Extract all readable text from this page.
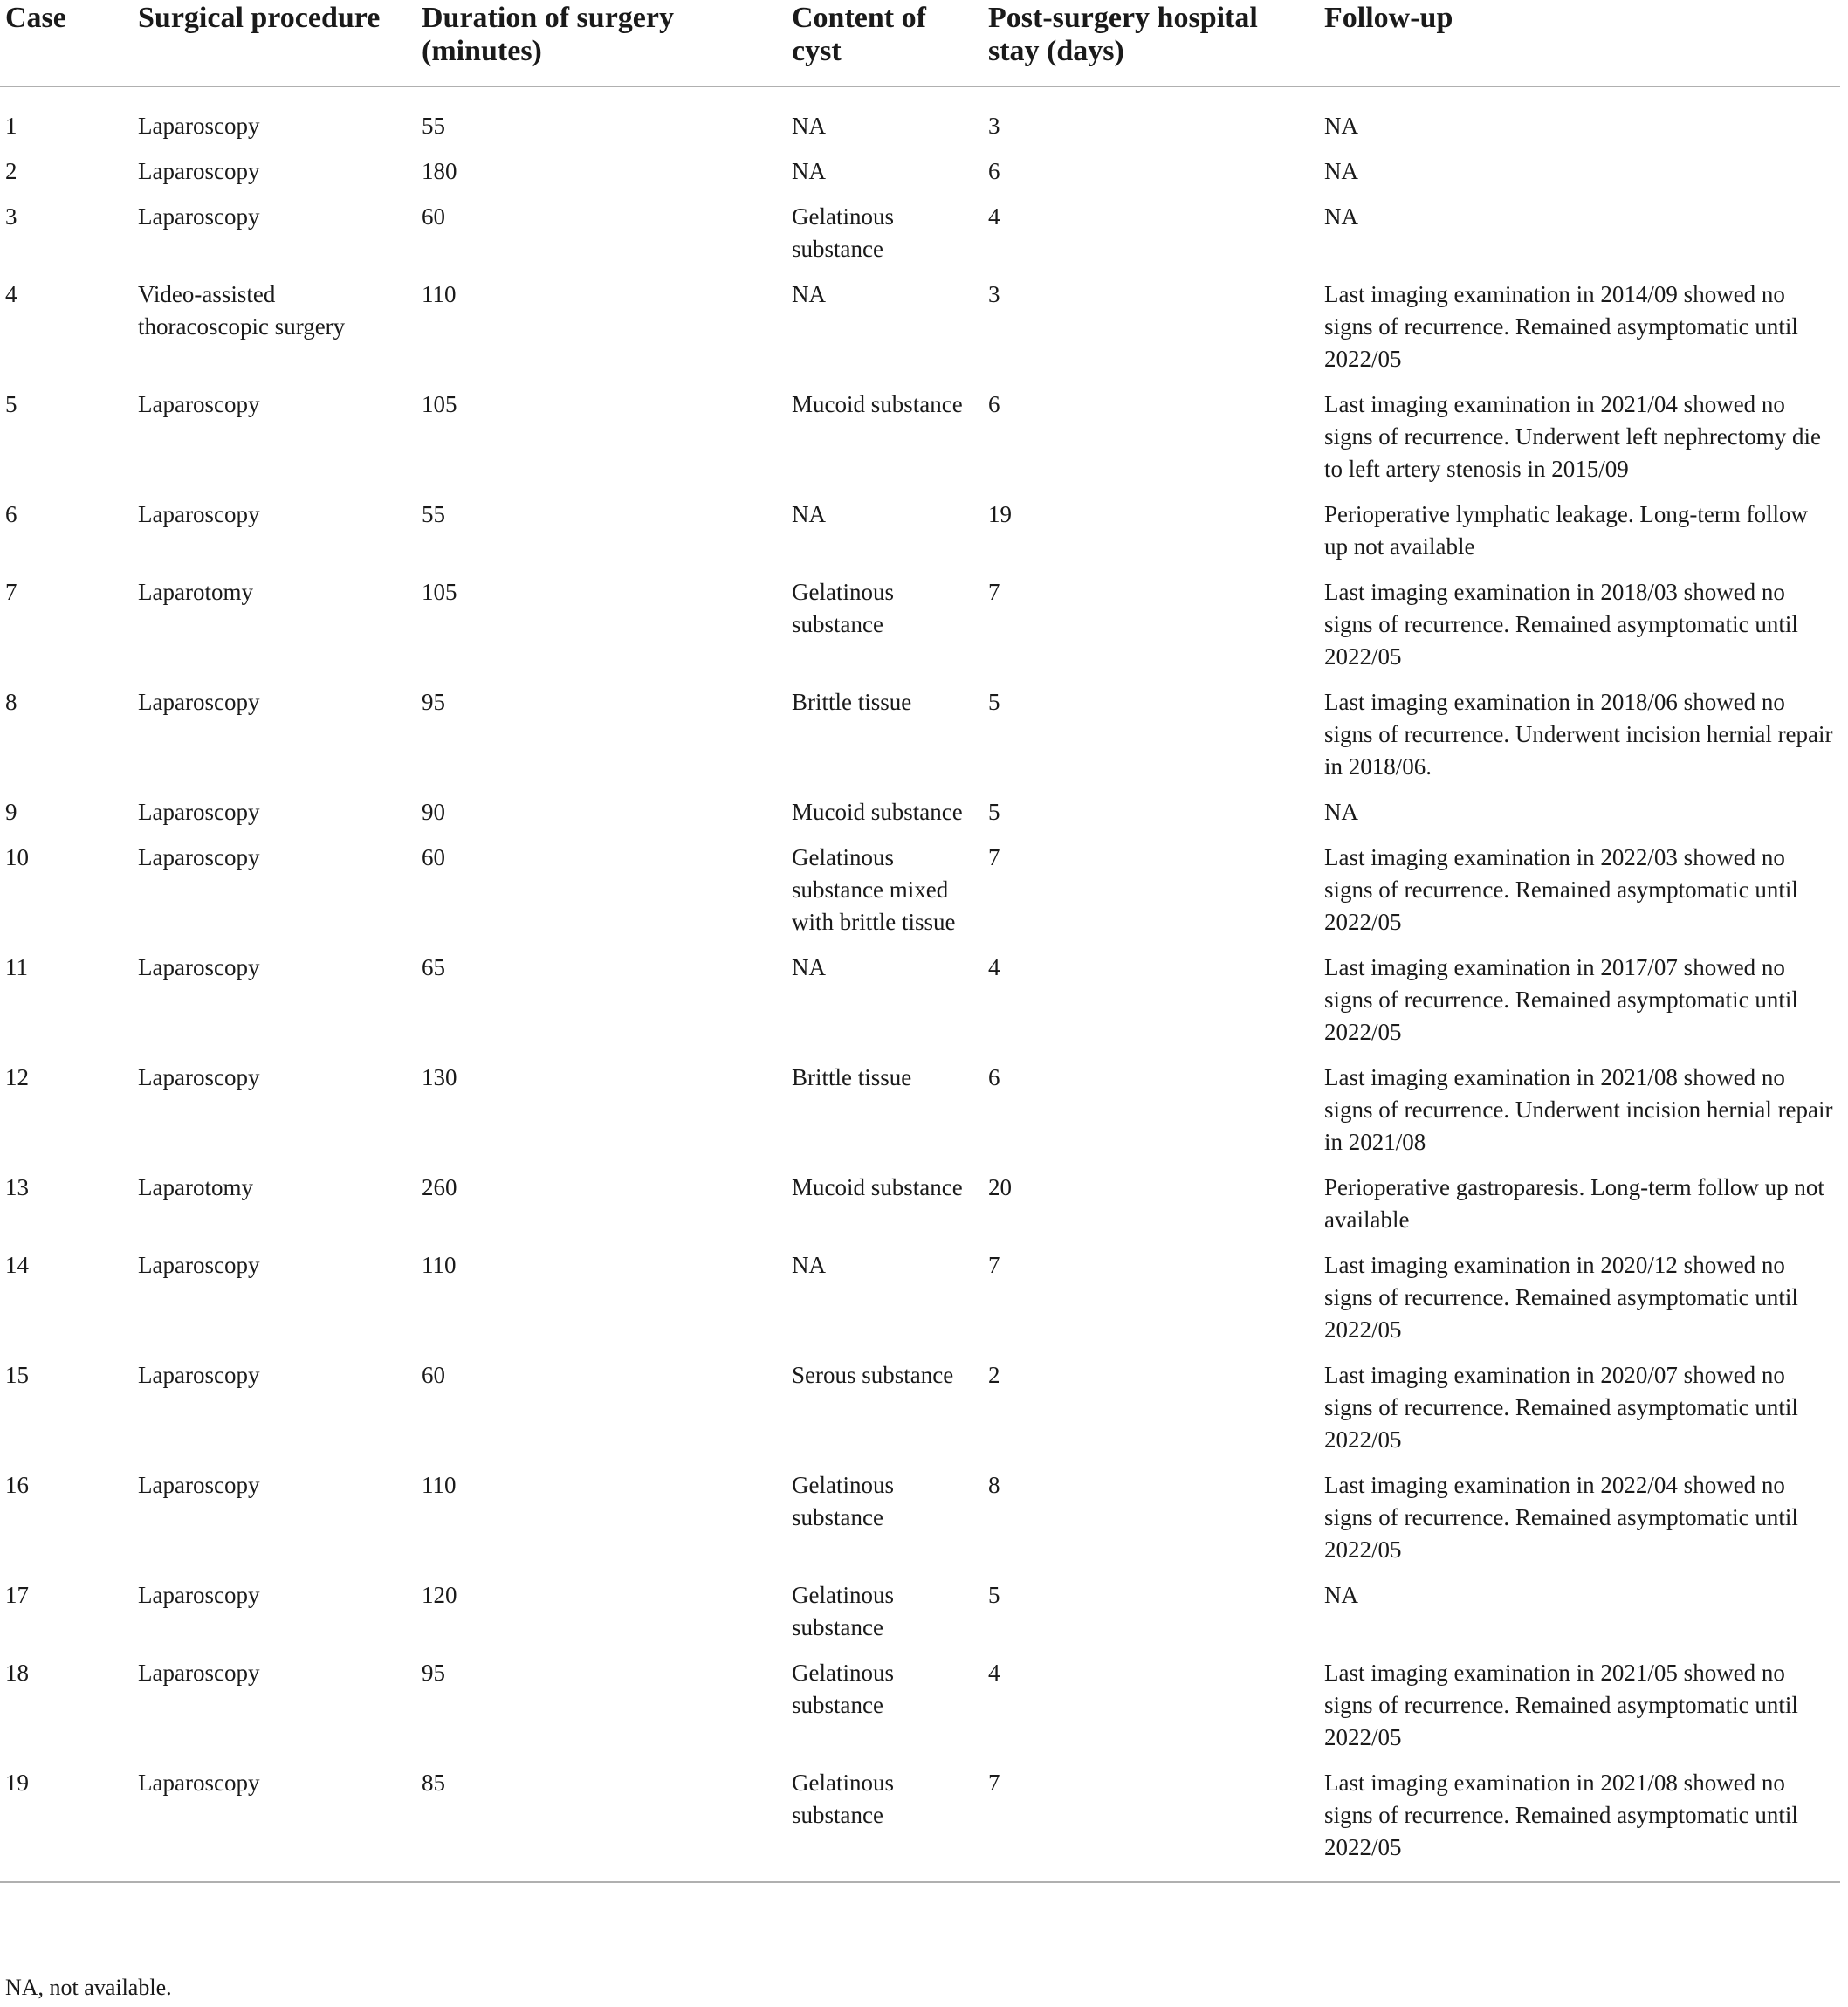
Case	Surgical procedure	Duration of surgery (minutes)	Content of cyst	Post-surgery hospital stay (days)	Follow-up
1	Laparoscopy	55	NA	3	NA
2	Laparoscopy	180	NA	6	NA
3	Laparoscopy	60	Gelatinous substance	4	NA
4	Video-assisted thoracoscopic surgery	110	NA	3	Last imaging examination in 2014/09 showed no signs of recurrence. Remained asymptomatic until 2022/05
5	Laparoscopy	105	Mucoid substance	6	Last imaging examination in 2021/04 showed no signs of recurrence. Underwent left nephrectomy die to left artery stenosis in 2015/09
6	Laparoscopy	55	NA	19	Perioperative lymphatic leakage. Long-term follow up not available
7	Laparotomy	105	Gelatinous substance	7	Last imaging examination in 2018/03 showed no signs of recurrence. Remained asymptomatic until 2022/05
8	Laparoscopy	95	Brittle tissue	5	Last imaging examination in 2018/06 showed no signs of recurrence. Underwent incision hernial repair in 2018/06.
9	Laparoscopy	90	Mucoid substance	5	NA
10	Laparoscopy	60	Gelatinous substance mixed with brittle tissue	7	Last imaging examination in 2022/03 showed no signs of recurrence. Remained asymptomatic until 2022/05
11	Laparoscopy	65	NA	4	Last imaging examination in 2017/07 showed no signs of recurrence. Remained asymptomatic until 2022/05
12	Laparoscopy	130	Brittle tissue	6	Last imaging examination in 2021/08 showed no signs of recurrence. Underwent incision hernial repair in 2021/08
13	Laparotomy	260	Mucoid substance	20	Perioperative gastroparesis. Long-term follow up not available
14	Laparoscopy	110	NA	7	Last imaging examination in 2020/12 showed no signs of recurrence. Remained asymptomatic until 2022/05
15	Laparoscopy	60	Serous substance	2	Last imaging examination in 2020/07 showed no signs of recurrence. Remained asymptomatic until 2022/05
16	Laparoscopy	110	Gelatinous substance	8	Last imaging examination in 2022/04 showed no signs of recurrence. Remained asymptomatic until 2022/05
17	Laparoscopy	120	Gelatinous substance	5	NA
18	Laparoscopy	95	Gelatinous substance	4	Last imaging examination in 2021/05 showed no signs of recurrence. Remained asymptomatic until 2022/05
19	Laparoscopy	85	Gelatinous substance	7	Last imaging examination in 2021/08 showed no signs of recurrence. Remained asymptomatic until 2022/05
NA, not available.
